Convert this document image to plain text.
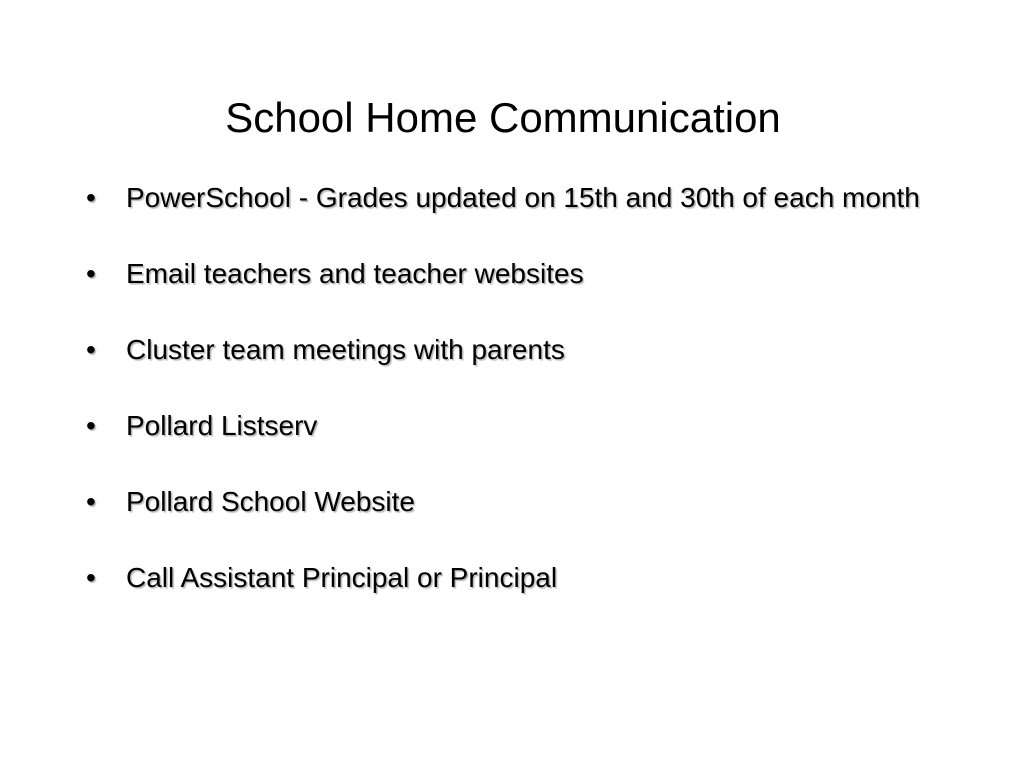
School Home Communication
• PowerSchool - Grades updated on 15th and 30th of each month
• Email teachers and teacher websites
• Cluster team meetings with parents
• Pollard Listserv
• Pollard School Website
• Call Assistant Principal or Principal
